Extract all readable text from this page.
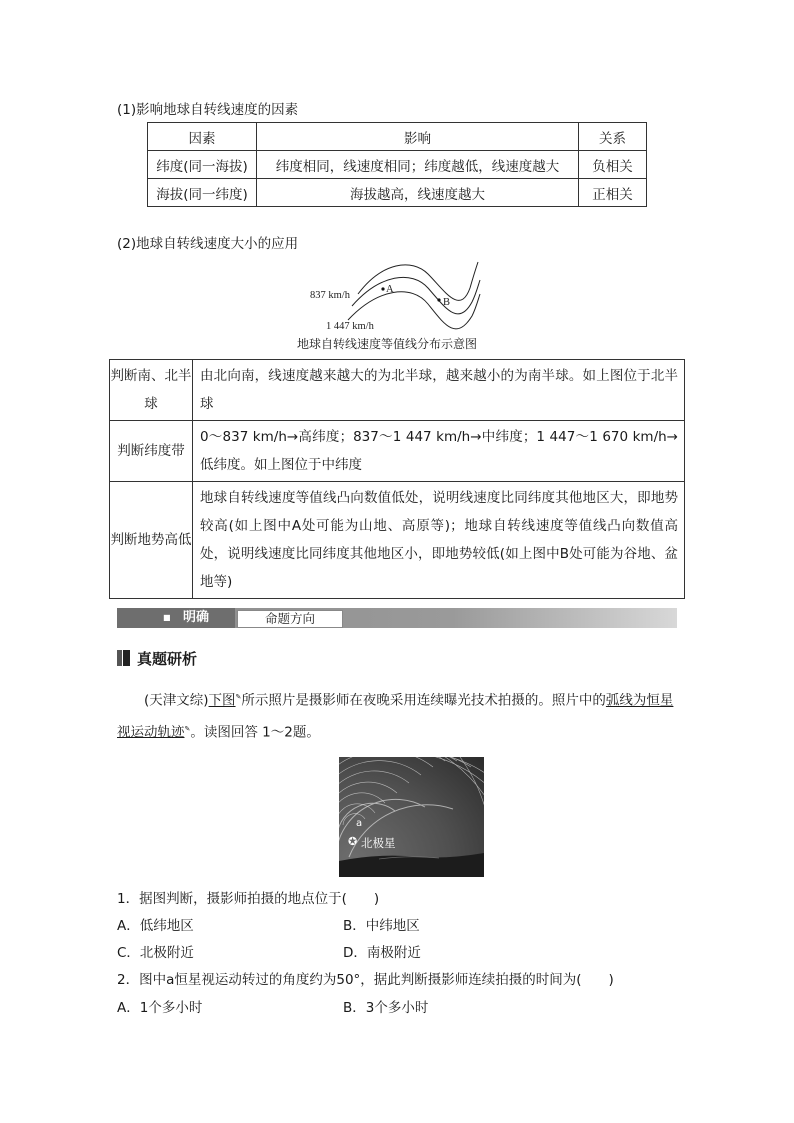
(1)影响地球自转线速度的因素
因素	影响	关系
纬度(同一海拔)	纬度相同，线速度相同；纬度越低，线速度越大	负相关
海拔(同一纬度)	海拔越高，线速度越大	正相关
(2)地球自转线速度大小的应用
837 km/h
1 447 km/h
A
B
地球自转线速度等值线分布示意图
判断南、北半球	由北向南，线速度越来越大的为北半球，越来越小的为南半球。如上图位于北半球
判断纬度带	0～837 km/h→高纬度；837～1 447 km/h→中纬度；1 447～1 670 km/h→低纬度。如上图位于中纬度
判断地势高低	地球自转线速度等值线凸向数值低处，说明线速度比同纬度其他地区大，即地势较高(如上图中A处可能为山地、高原等)；地球自转线速度等值线凸向数值高处，说明线速度比同纬度其他地区小，即地势较低(如上图中B处可能为谷地、盆地等)
■ 明确	命题方向
真题研析
(天津文综)下图✎所示照片是摄影师在夜晚采用连续曝光技术拍摄的。照片中的弧线为恒星视运动轨迹✎。读图回答 1～2题。
a
✪ 北极星
1．据图判断，摄影师拍摄的地点位于(　　)
A．低纬地区	B．中纬地区
C．北极附近	D．南极附近
2．图中a恒星视运动转过的角度约为50°，据此判断摄影师连续拍摄的时间为(　　)
A．1个多小时	B．3个多小时
